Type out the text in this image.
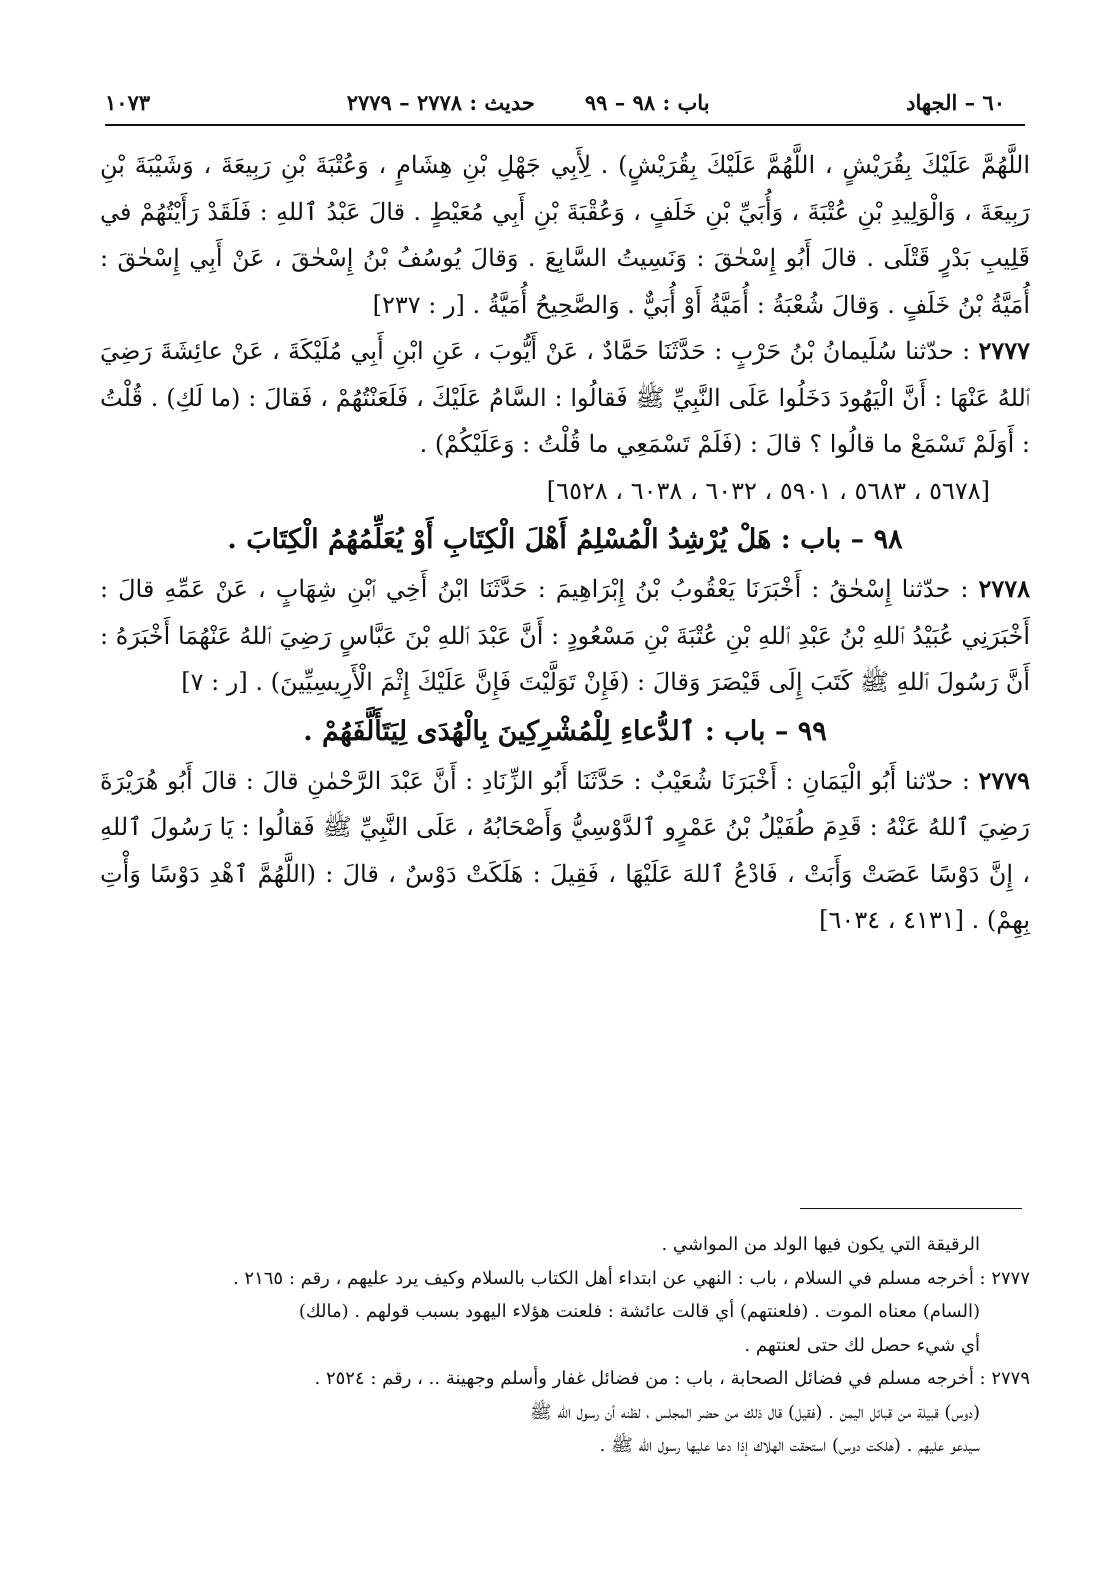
٦٠ – الجهاد
باب : ٩٨ – ٩٩
حديث : ٢٧٧٨ – ٢٧٧٩
١٠٧٣

اللَّهُمَّ عَلَيْكَ بِقُرَيْشٍ ، اللَّهُمَّ عَلَيْكَ بِقُرَيْشٍ) . لِأَبِي جَهْلِ بْنِ هِشَامٍ ، وَعُتْبَةَ بْنِ رَبِيعَةَ ، وَشَيْبَةَ بْنِ رَبِيعَةَ ، وَالْوَلِيدِ بْنِ عُتْبَةَ ، وَأُبَيِّ بْنِ خَلَفٍ ، وَعُقْبَةَ بْنِ أَبِي مُعَيْطٍ . قالَ عَبْدُ ٱللهِ : فَلَقَدْ رَأَيْتُهُمْ في قَلِيبِ بَدْرٍ قَتْلَى . قالَ أَبُو إِسْحٰقَ : وَنَسِيتُ السَّابِعَ . وَقالَ يُوسُفُ بْنُ إِسْحٰقَ ، عَنْ أَبِي إِسْحٰقَ : أُمَيَّةُ بْنُ خَلَفٍ . وَقالَ شُعْبَةُ : أُمَيَّةُ أَوْ أُبَيٌّ . وَالصَّحِيحُ أُمَيَّةُ . [ر : ٢٣٧]

٢٧٧٧ : حدّثنا سُلَيمانُ بْنُ حَرْبٍ : حَدَّثَنَا حَمَّادٌ ، عَنْ أَيُّوبَ ، عَنِ ابْنِ أَبِي مُلَيْكَةَ ، عَنْ عائِشَةَ رَضِيَ ٱللهُ عَنْهَا : أَنَّ الْيَهُودَ دَخَلُوا عَلَى النَّبِيِّ ﷺ فَقالُوا : السَّامُ عَلَيْكَ ، فَلَعَنْتُهُمْ ، فَقالَ : (ما لَكِ) . قُلْتُ : أَوَلَمْ تَسْمَعْ ما قالُوا ؟ قالَ : (فَلَمْ تَسْمَعِي ما قُلْتُ : وَعَلَيْكُمْ) .

[٥٦٧٨ ، ٥٦٨٣ ، ٥٩٠١ ، ٦٠٣٢ ، ٦٠٣٨ ، ٦٥٢٨]

٩٨ – باب : هَلْ يُرْشِدُ الْمُسْلِمُ أَهْلَ الْكِتَابِ أَوْ يُعَلِّمُهُمُ الْكِتَابَ .

٢٧٧٨ : حدّثنا إِسْحٰقُ : أَخْبَرَنَا يَعْقُوبُ بْنُ إِبْرَاهِيمَ : حَدَّثَنَا ابْنُ أَخِي ٱبْنِ شِهَابٍ ، عَنْ عَمِّهِ قالَ : أَخْبَرَنِي عُبَيْدُ ٱللهِ بْنُ عَبْدِ ٱللهِ بْنِ عُتْبَةَ بْنِ مَسْعُودٍ : أَنَّ عَبْدَ ٱللهِ بْنَ عَبَّاسٍ رَضِيَ ٱللهُ عَنْهُمَا أَخْبَرَهُ : أَنَّ رَسُولَ ٱللهِ ﷺ كَتَبَ إِلَى قَيْصَرَ وَقالَ : (فَإِنْ تَوَلَّيْتَ فَإِنَّ عَلَيْكَ إِثْمَ الْأَرِيسِيِّينَ) . [ر : ٧]

٩٩ – باب : ٱلدُّعاءِ لِلْمُشْرِكِينَ بِالْهُدَى لِيَتَأَلَّفَهُمْ .

٢٧٧٩ : حدّثنا أَبُو الْيَمَانِ : أَخْبَرَنَا شُعَيْبٌ : حَدَّثَنَا أَبُو الزِّنَادِ : أَنَّ عَبْدَ الرَّحْمٰنِ قالَ : قالَ أَبُو هُرَيْرَةَ رَضِيَ ٱللهُ عَنْهُ : قَدِمَ طُفَيْلُ بْنُ عَمْرٍو ٱلدَّوْسِيُّ وَأَصْحَابُهُ ، عَلَى النَّبِيِّ ﷺ فَقالُوا : يَا رَسُولَ ٱللهِ ، إِنَّ دَوْسًا عَصَتْ وَأَبَتْ ، فَادْعُ ٱللهَ عَلَيْهَا ، فَقِيلَ : هَلَكَتْ دَوْسٌ ، قالَ : (اللَّهُمَّ ٱهْدِ دَوْسًا وَأْتِ بِهِمْ) . [٤١٣١ ، ٦٠٣٤]

الرقيقة التي يكون فيها الولد من المواشي .

٢٧٧٧ : أخرجه مسلم في السلام ، باب : النهي عن ابتداء أهل الكتاب بالسلام وكيف يرد عليهم ، رقم : ٢١٦٥ .

(السام) معناه الموت . (فلعنتهم) أي قالت عائشة : فلعنت هؤلاء اليهود بسبب قولهم . (مالك)

أي شيء حصل لك حتى لعنتهم .

٢٧٧٩ : أخرجه مسلم في فضائل الصحابة ، باب : من فضائل غفار وأسلم وجهينة .. ، رقم : ٢٥٢٤ .

(دوس) قبيلة من قبائل اليمن . (فقيل) قال ذلك من حضر المجلس ، لظنه أن رسول الله ﷺ

سيدعو عليهم . (هلكت دوس) استحقت الهلاك إذا دعا عليها رسول الله ﷺ .
